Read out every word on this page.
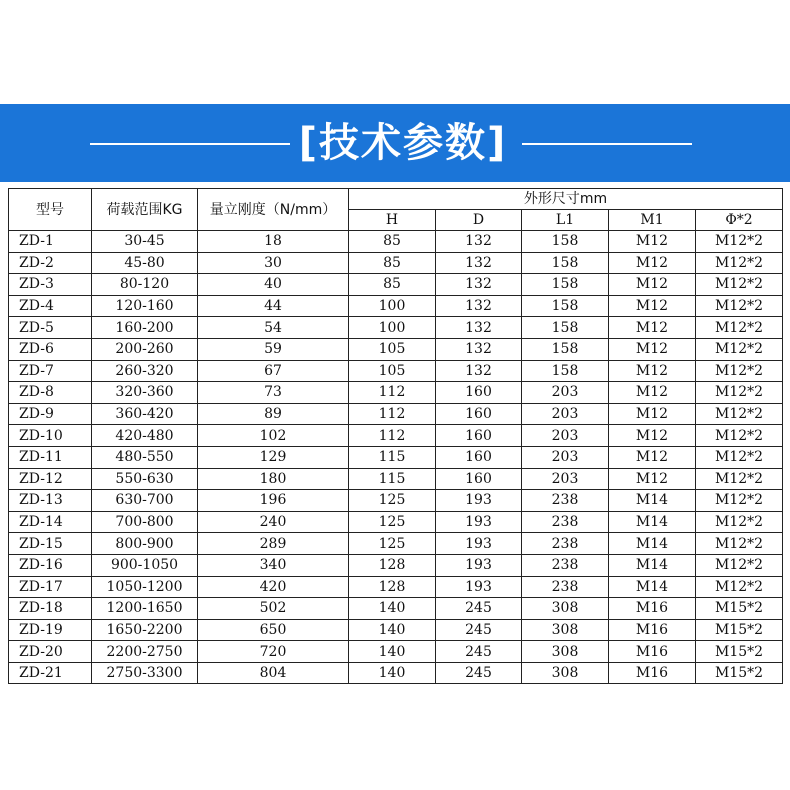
[技术参数]
型号	荷载范围KG	量立刚度（N/mm）	外形尺寸mm				
			H	D	L1	M1	Φ*2
ZD-1	30-45	18	85	132	158	M12	M12*2
ZD-2	45-80	30	85	132	158	M12	M12*2
ZD-3	80-120	40	85	132	158	M12	M12*2
ZD-4	120-160	44	100	132	158	M12	M12*2
ZD-5	160-200	54	100	132	158	M12	M12*2
ZD-6	200-260	59	105	132	158	M12	M12*2
ZD-7	260-320	67	105	132	158	M12	M12*2
ZD-8	320-360	73	112	160	203	M12	M12*2
ZD-9	360-420	89	112	160	203	M12	M12*2
ZD-10	420-480	102	112	160	203	M12	M12*2
ZD-11	480-550	129	115	160	203	M12	M12*2
ZD-12	550-630	180	115	160	203	M12	M12*2
ZD-13	630-700	196	125	193	238	M14	M12*2
ZD-14	700-800	240	125	193	238	M14	M12*2
ZD-15	800-900	289	125	193	238	M14	M12*2
ZD-16	900-1050	340	128	193	238	M14	M12*2
ZD-17	1050-1200	420	128	193	238	M14	M12*2
ZD-18	1200-1650	502	140	245	308	M16	M15*2
ZD-19	1650-2200	650	140	245	308	M16	M15*2
ZD-20	2200-2750	720	140	245	308	M16	M15*2
ZD-21	2750-3300	804	140	245	308	M16	M15*2
